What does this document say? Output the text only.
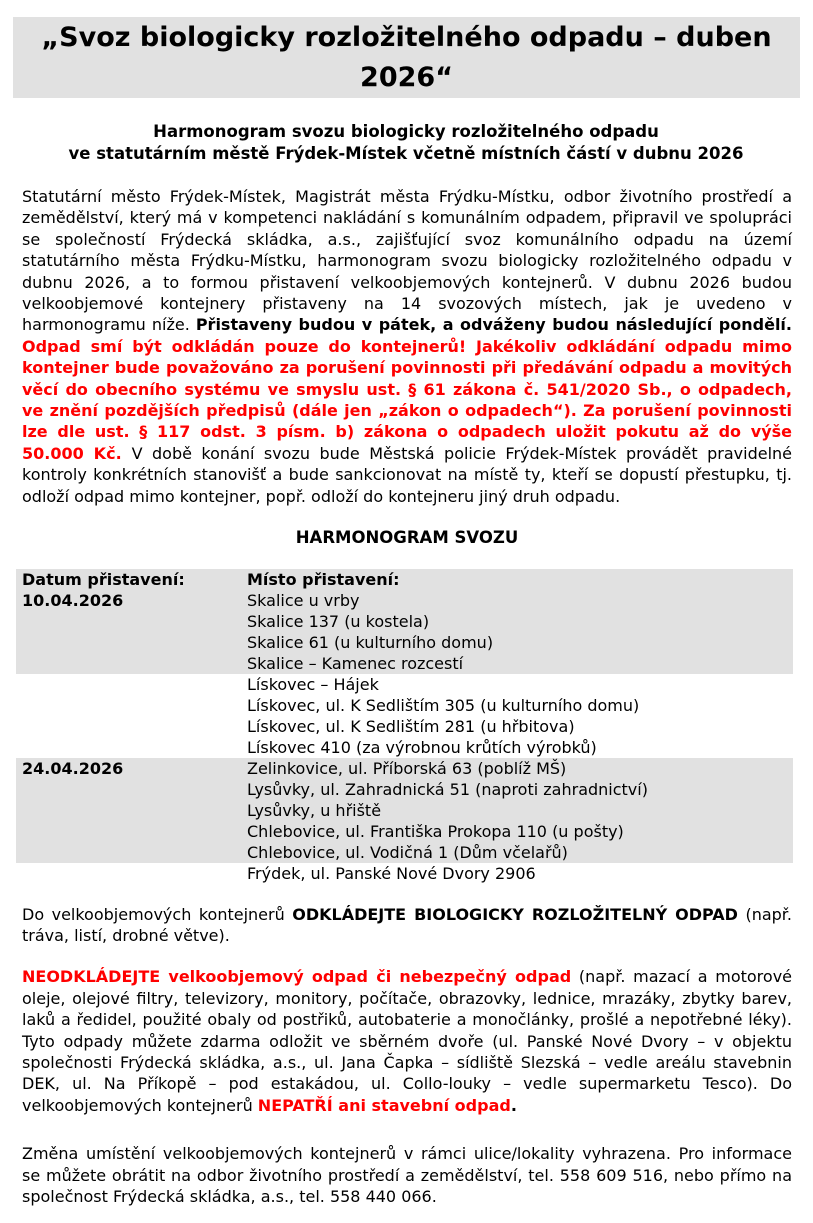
„Svoz biologicky rozložitelného odpadu – duben 2026“
Harmonogram svozu biologicky rozložitelného odpadu
ve statutárním městě Frýdek-Místek včetně místních částí v dubnu 2026

Statutární město Frýdek-Místek, Magistrát města Frýdku-Místku, odbor životního prostředí a zemědělství, který má v kompetenci nakládání s komunálním odpadem, připravil ve spolupráci se společností Frýdecká skládka, a.s., zajišťující svoz komunálního odpadu na území statutárního města Frýdku-Místku, harmonogram svozu biologicky rozložitelného odpadu v dubnu 2026, a to formou přistavení velkoobjemových kontejnerů. V dubnu 2026 budou velkoobjemové kontejnery přistaveny na 14 svozových místech, jak je uvedeno v harmonogramu níže. Přistaveny budou v pátek, a odváženy budou následující pondělí. Odpad smí být odkládán pouze do kontejnerů! Jakékoliv odkládání odpadu mimo kontejner bude považováno za porušení povinnosti při předávání odpadu a movitých věcí do obecního systému ve smyslu ust. § 61 zákona č. 541/2020 Sb., o odpadech, ve znění pozdějších předpisů (dále jen „zákon o odpadech“). Za porušení povinnosti lze dle ust. § 117 odst. 3 písm. b) zákona o odpadech uložit pokutu až do výše 50.000 Kč. V době konání svozu bude Městská policie Frýdek-Místek provádět pravidelné kontroly konkrétních stanovišť a bude sankcionovat na místě ty, kteří se dopustí přestupku, tj. odloží odpad mimo kontejner, popř. odloží do kontejneru jiný druh odpadu.

HARMONOGRAM SVOZU
Datum přistavení:	Místo přistavení:
10.04.2026	Skalice u vrby
Skalice 137 (u kostela)
Skalice 61 (u kulturního domu)
Skalice – Kamenec rozcestí
Lískovec – Hájek
Lískovec, ul. K Sedlištím 305 (u kulturního domu)
Lískovec, ul. K Sedlištím 281 (u hřbitova)
Lískovec 410 (za výrobnou krůtích výrobků)
24.04.2026	Zelinkovice, ul. Příborská 63 (poblíž MŠ)
Lysůvky, ul. Zahradnická 51 (naproti zahradnictví)
Lysůvky, u hřiště
Chlebovice, ul. Františka Prokopa 110 (u pošty)
Chlebovice, ul. Vodičná 1 (Dům včelařů)
Frýdek, ul. Panské Nové Dvory 2906

Do velkoobjemových kontejnerů ODKLÁDEJTE BIOLOGICKY ROZLOŽITELNÝ ODPAD (např. tráva, listí, drobné větve).

NEODKLÁDEJTE velkoobjemový odpad či nebezpečný odpad (např. mazací a motorové oleje, olejové filtry, televizory, monitory, počítače, obrazovky, lednice, mrazáky, zbytky barev, laků a ředidel, použité obaly od postřiků, autobaterie a monočlánky, prošlé a nepotřebné léky). Tyto odpady můžete zdarma odložit ve sběrném dvoře (ul. Panské Nové Dvory – v objektu společnosti Frýdecká skládka, a.s., ul. Jana Čapka – sídliště Slezská – vedle areálu stavebnin DEK, ul. Na Příkopě – pod estakádou, ul. Collo-louky – vedle supermarketu Tesco). Do velkoobjemových kontejnerů NEPATŘÍ ani stavební odpad.

Změna umístění velkoobjemových kontejnerů v rámci ulice/lokality vyhrazena. Pro informace se můžete obrátit na odbor životního prostředí a zemědělství, tel. 558 609 516, nebo přímo na společnost Frýdecká skládka, a.s., tel. 558 440 066.
